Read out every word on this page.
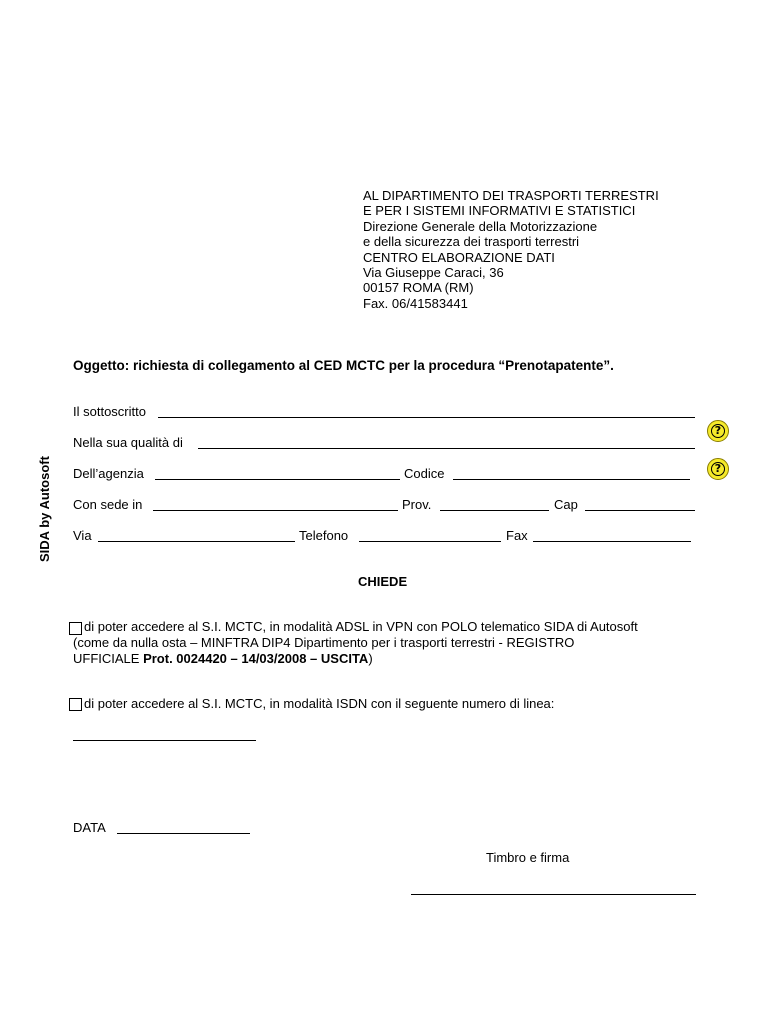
AL DIPARTIMENTO DEI TRASPORTI TERRESTRI
E PER I SISTEMI INFORMATIVI E STATISTICI
Direzione Generale della Motorizzazione
e della sicurezza dei trasporti terrestri
CENTRO ELABORAZIONE DATI
Via Giuseppe Caraci, 36
00157 ROMA (RM)
Fax. 06/41583441
Oggetto: richiesta di collegamento al CED MCTC per la procedura “Prenotapatente”.
SIDA by Autosoft
Il sottoscritto
Nella sua qualità di
?
Dell’agenzia	Codice	?
Con sede in	Prov.	Cap
Via	Telefono	Fax
CHIEDE
di poter accedere al S.I. MCTC, in modalità ADSL in VPN con POLO telematico SIDA di Autosoft
(come da nulla osta – MINFTRA DIP4 Dipartimento per i trasporti terrestri - REGISTRO
UFFICIALE Prot. 0024420 – 14/03/2008 – USCITA)
di poter accedere al S.I. MCTC, in modalità ISDN con il seguente numero di linea:
DATA
Timbro e firma
